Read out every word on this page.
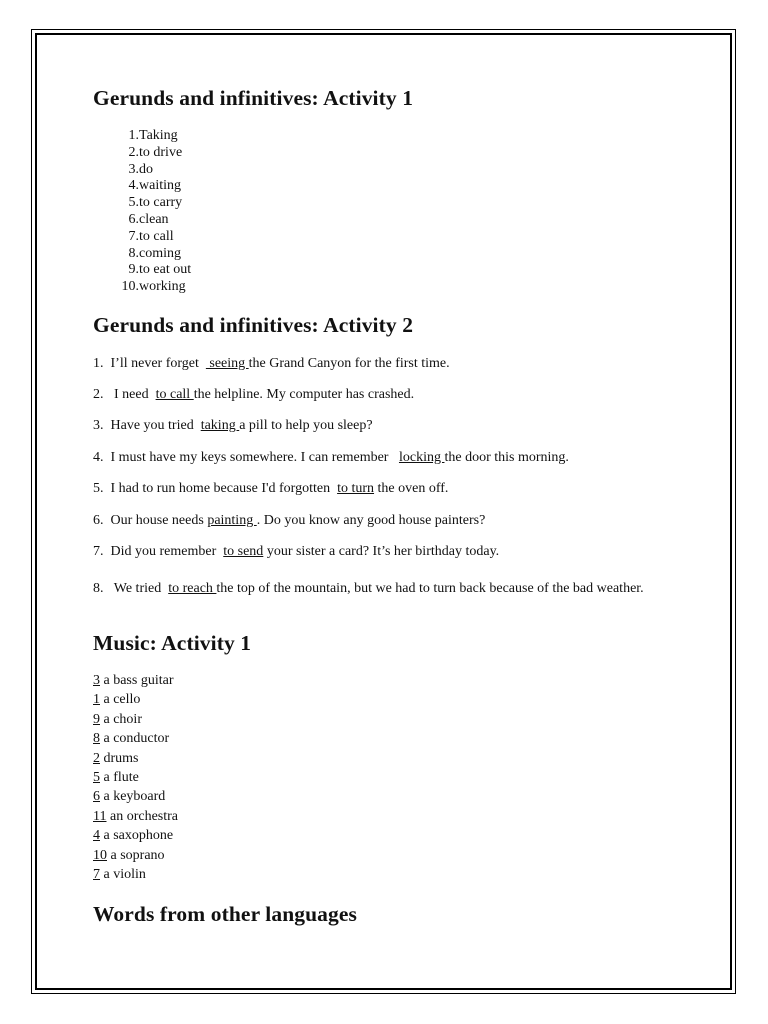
Gerunds and infinitives: Activity 1
1. Taking
2. to drive
3. do
4. waiting
5. to carry
6. clean
7. to call
8. coming
9. to eat out
10. working
Gerunds and infinitives: Activity 2
1.  I’ll never forget   seeing the Grand Canyon for the first time.
2.   I need  to call the helpline. My computer has crashed.
3.  Have you tried  taking a pill to help you sleep?
4.  I must have my keys somewhere. I can remember   locking the door this morning.
5.  I had to run home because I'd forgotten  to turn the oven off.
6.  Our house needs painting . Do you know any good house painters?
7.  Did you remember  to send your sister a card? It’s her birthday today.
8.   We tried  to reach the top of the mountain, but we had to turn back because of the bad weather.
Music: Activity 1
3 a bass guitar
1 a cello
9 a choir
8 a conductor
2 drums
5 a flute
6 a keyboard
11 an orchestra
4 a saxophone
10 a soprano
7 a violin
Words from other languages
